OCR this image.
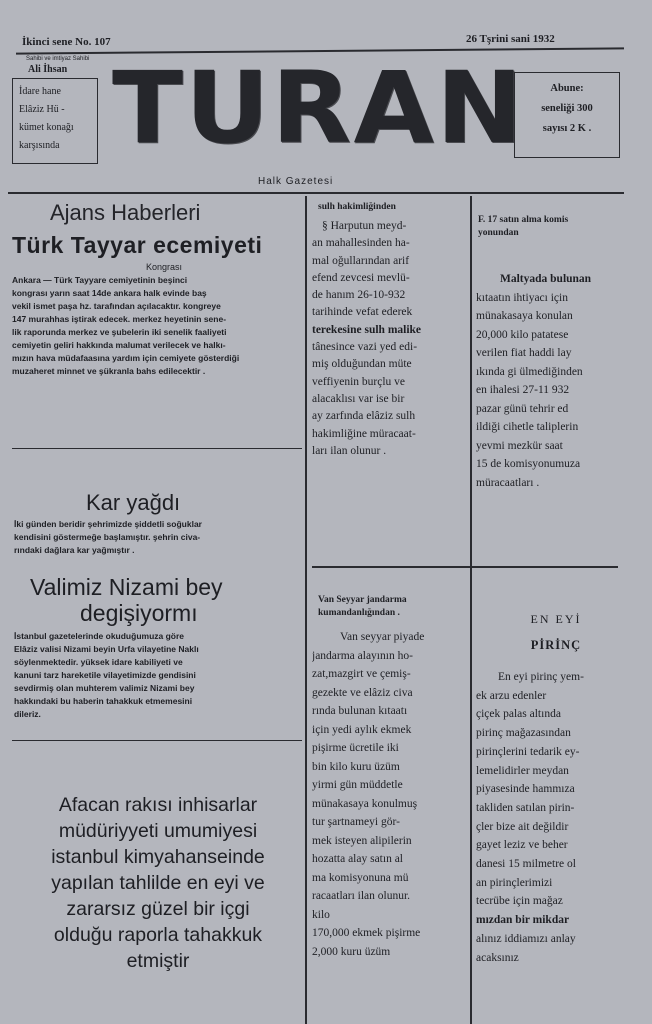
İkinci sene No. 107	26 Tşrini sani 1932
Sahibi ve imtiyaz Sahibi
Ali İhsan
İdare hane
Elâziz Hü -
kümet konağı
karşısında TURAN	Abune:
seneliği 300
sayısı 2 K .
Halk Gazetesi
Ajans Haberleri
Türk Tayyar ecemiyeti
Kongrası
Ankara — Türk Tayyare cemiyetinin beşinci
kongrası yarın saat 14de ankara halk evinde baş
vekil ismet paşa hz. tarafından açılacaktır. kongreye
147 murahhas iştirak edecek. merkez heyetinin sene-
lik raporunda merkez ve şubelerin iki senelik faaliyeti
cemiyetin geliri hakkında malumat verilecek ve halkı-
mızın hava müdafaasına yardım için cemiyete gösterdiği
muzaheret minnet ve şükranla bahs edilecektir .
Kar yağdı
İki günden beridir şehrimizde şiddetli soğuklar
kendisini göstermeğe başlamıştır. şehrin civa-
rındaki dağlara kar yağmıştır .
Valimiz Nizami bey
degişiyormı
İstanbul gazetelerinde okuduğumuza göre
Elâziz valisi Nizami beyin Urfa vilayetine Naklı
söylenmektedir. yüksek idare kabiliyeti ve
kanuni tarz hareketile vilayetimizde gendisini
sevdirmiş olan muhterem valimiz Nizami bey
hakkındaki bu haberin tahakkuk etmemesini
dileriz.
Afacan rakısı inhisarlar
müdüriyyeti umumiyesi
istanbul kimyahanseinde
yapılan tahlilde en eyi ve
zararsız güzel bir içgi
olduğu raporla tahakkuk
etmiştir
sulh hakimliğinden
§ Harputun meyd-
an mahallesinden ha-
mal oğullarından arif
efend zevcesi mevlü-
de hanım 26-10-932
tarihinde vefat ederek
terekesine sulh malike
tânesince vazi yed edi-
miş olduğundan müte
veffiyenin burçlu ve
alacaklısı var ise bir
ay zarfında elâziz sulh
hakimliğine müracaat-
ları ilan olunur .
Van Seyyar jandarma
kumandanlığından .
Van seyyar piyade
jandarma alayının ho-
zat,mazgirt ve çemiş-
gezekte ve elâziz civa
rında bulunan kıtaatı
için yedi aylık ekmek
pişirme ücretile iki
bin kilo kuru üzüm
yirmi gün müddetle
münakasaya konulmuş
tur şartnameyi gör-
mek isteyen alipilerin
hozatta alay satın al
ma komisyonuna mü
racaatları ilan olunur.
kilo
170,000 ekmek pişirme
2,000 kuru üzüm
F. 17 satın alma komis
yonundan
Maltyada bulunan
kıtaatın ihtiyacı için
münakasaya konulan
20,000 kilo patatese
verilen fiat haddi lay
ıkında gi ülmediğinden
en ihalesi 27-11 932
pazar günü tehrir ed
ildiği cihetle taliplerin
yevmi mezkür saat
15 de komisyonumuza
müracaatları .
EN EYİ
PİRİNÇ
En eyi pirinç yem-
ek arzu edenler
çiçek palas altında
pirinç mağazasından
pirinçlerini tedarik ey-
lemelidirler meydan
piyasesinde hammıza
takliden satılan pirin-
çler bize ait değildir
gayet leziz ve beher
danesi 15 milmetre ol
an pirinçlerimizi
tecrübe için mağaz
mızdan bir mikdar
alınız iddiamızı anlay
acaksınız
